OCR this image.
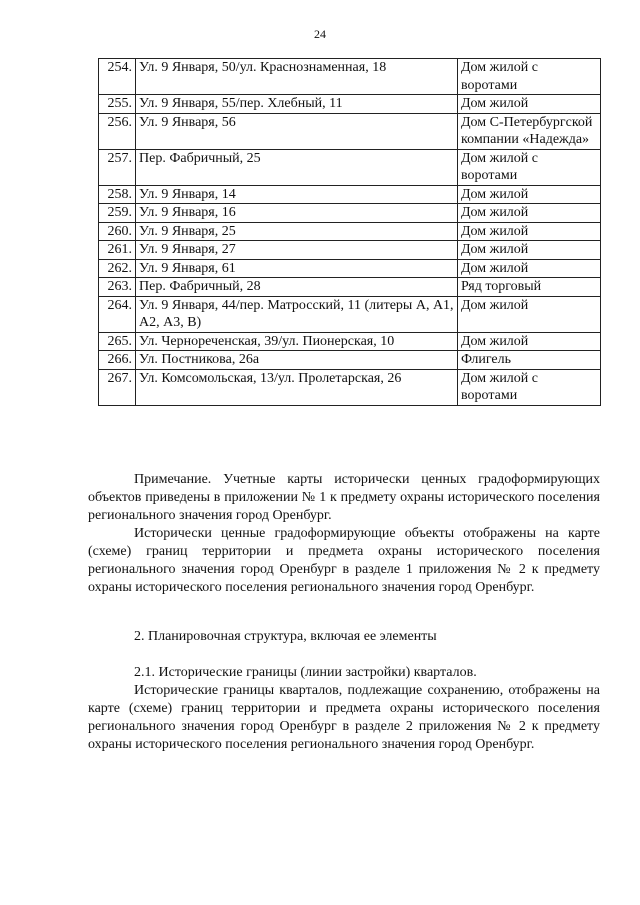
24
254.	Ул. 9 Января, 50/ул. Краснознаменная, 18	Дом жилой с воротами
255.	Ул. 9 Января, 55/пер. Хлебный, 11	Дом жилой
256.	Ул. 9 Января, 56	Дом С-Петербургской компании «Надежда»
257.	Пер. Фабричный, 25	Дом жилой с воротами
258.	Ул. 9 Января, 14	Дом жилой
259.	Ул. 9 Января, 16	Дом жилой
260.	Ул. 9 Января, 25	Дом жилой
261.	Ул. 9 Января, 27	Дом жилой
262.	Ул. 9 Января, 61	Дом жилой
263.	Пер. Фабричный, 28	Ряд торговый
264.	Ул. 9 Января, 44/пер. Матросский, 11 (литеры А, А1, А2, А3, В)	Дом жилой
265.	Ул. Чернореченская, 39/ул. Пионерская, 10	Дом жилой
266.	Ул. Постникова, 26а	Флигель
267.	Ул. Комсомольская, 13/ул. Пролетарская, 26	Дом жилой с воротами
Примечание. Учетные карты исторически ценных градоформирующих объектов приведены в приложении № 1 к предмету охраны исторического поселения регионального значения город Оренбург.
Исторически ценные градоформирующие объекты отображены на карте (схеме) границ территории и предмета охраны исторического поселения регионального значения город Оренбург в разделе 1 приложения № 2 к предмету охраны исторического поселения регионального значения город Оренбург.
2. Планировочная структура, включая ее элементы
2.1. Исторические границы (линии застройки) кварталов.
Исторические границы кварталов, подлежащие сохранению, отображены на карте (схеме) границ территории и предмета охраны исторического поселения регионального значения город Оренбург в разделе 2 приложения № 2 к предмету охраны исторического поселения регионального значения город Оренбург.
